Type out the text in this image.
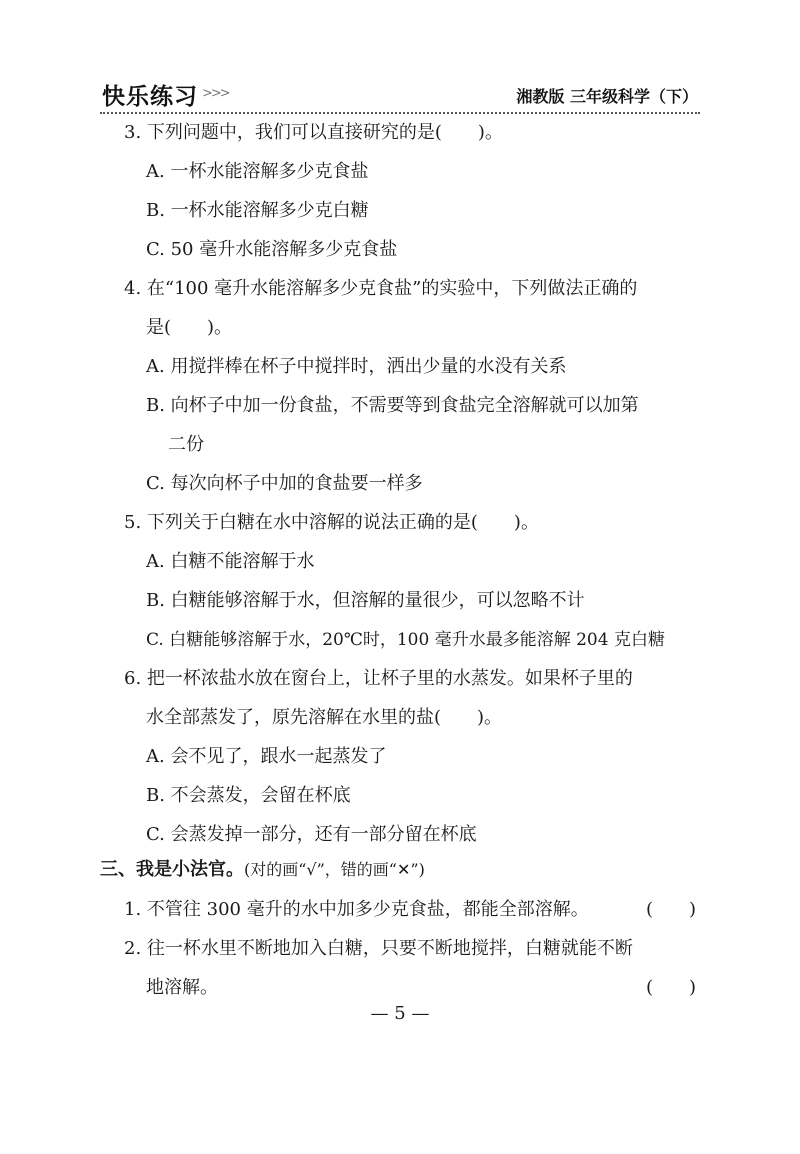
快乐练习 >>>	湘教版 三年级科学（下）
3. 下列问题中，我们可以直接研究的是(　　)。
A. 一杯水能溶解多少克食盐
B. 一杯水能溶解多少克白糖
C. 50 毫升水能溶解多少克食盐
4. 在“100 毫升水能溶解多少克食盐”的实验中，下列做法正确的
是(　　)。
A. 用搅拌棒在杯子中搅拌时，洒出少量的水没有关系
B. 向杯子中加一份食盐，不需要等到食盐完全溶解就可以加第
二份
C. 每次向杯子中加的食盐要一样多
5. 下列关于白糖在水中溶解的说法正确的是(　　)。
A. 白糖不能溶解于水
B. 白糖能够溶解于水，但溶解的量很少，可以忽略不计
C. 白糖能够溶解于水，20℃时，100 毫升水最多能溶解 204 克白糖
6. 把一杯浓盐水放在窗台上，让杯子里的水蒸发。如果杯子里的
水全部蒸发了，原先溶解在水里的盐(　　)。
A. 会不见了，跟水一起蒸发了
B. 不会蒸发，会留在杯底
C. 会蒸发掉一部分，还有一部分留在杯底
三、我是小法官。(对的画“√”，错的画“✕”)
1. 不管往 300 毫升的水中加多少克食盐，都能全部溶解。	(　　)
2. 往一杯水里不断地加入白糖，只要不断地搅拌，白糖就能不断
地溶解。	(　　)
— 5 —
